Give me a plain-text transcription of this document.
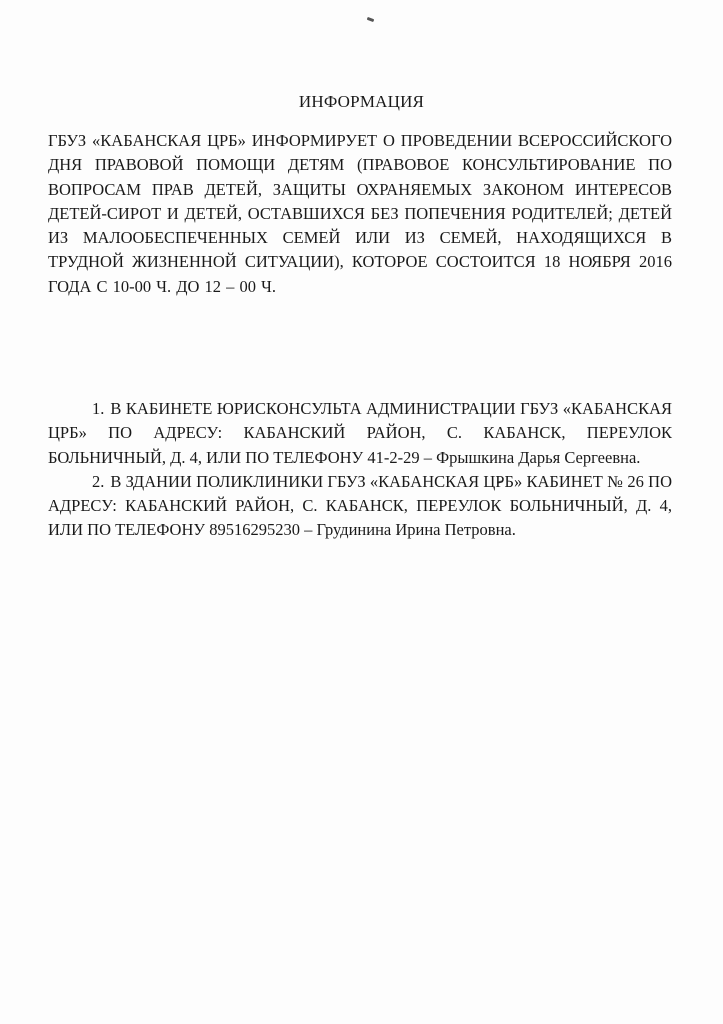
ИНФОРМАЦИЯ
ГБУЗ «КАБАНСКАЯ ЦРБ» ИНФОРМИРУЕТ О ПРОВЕДЕНИИ ВСЕРОССИЙСКОГО ДНЯ ПРАВОВОЙ ПОМОЩИ ДЕТЯМ (ПРАВОВОЕ КОНСУЛЬТИРОВАНИЕ ПО ВОПРОСАМ ПРАВ ДЕТЕЙ, ЗАЩИТЫ ОХРАНЯЕМЫХ ЗАКОНОМ ИНТЕРЕСОВ ДЕТЕЙ-СИРОТ И ДЕТЕЙ, ОСТАВШИХСЯ БЕЗ ПОПЕЧЕНИЯ РОДИТЕЛЕЙ; ДЕТЕЙ ИЗ МАЛООБЕСПЕЧЕННЫХ СЕМЕЙ ИЛИ ИЗ СЕМЕЙ, НАХОДЯЩИХСЯ В ТРУДНОЙ ЖИЗНЕННОЙ СИТУАЦИИ), КОТОРОЕ СОСТОИТСЯ 18 НОЯБРЯ 2016 ГОДА С 10-00 Ч. ДО 12 – 00 Ч.
1. В КАБИНЕТЕ ЮРИСКОНСУЛЬТА АДМИНИСТРАЦИИ ГБУЗ «КАБАНСКАЯ ЦРБ» ПО АДРЕСУ: КАБАНСКИЙ РАЙОН, С. КАБАНСК, ПЕРЕУЛОК БОЛЬНИЧНЫЙ, Д. 4, ИЛИ ПО ТЕЛЕФОНУ 41-2-29 – Фрышкина Дарья Сергеевна.
2. В ЗДАНИИ ПОЛИКЛИНИКИ ГБУЗ «КАБАНСКАЯ ЦРБ» КАБИНЕТ № 26 ПО АДРЕСУ: КАБАНСКИЙ РАЙОН, С. КАБАНСК, ПЕРЕУЛОК БОЛЬНИЧНЫЙ, Д. 4, ИЛИ ПО ТЕЛЕФОНУ 89516295230 – Грудинина Ирина Петровна.
